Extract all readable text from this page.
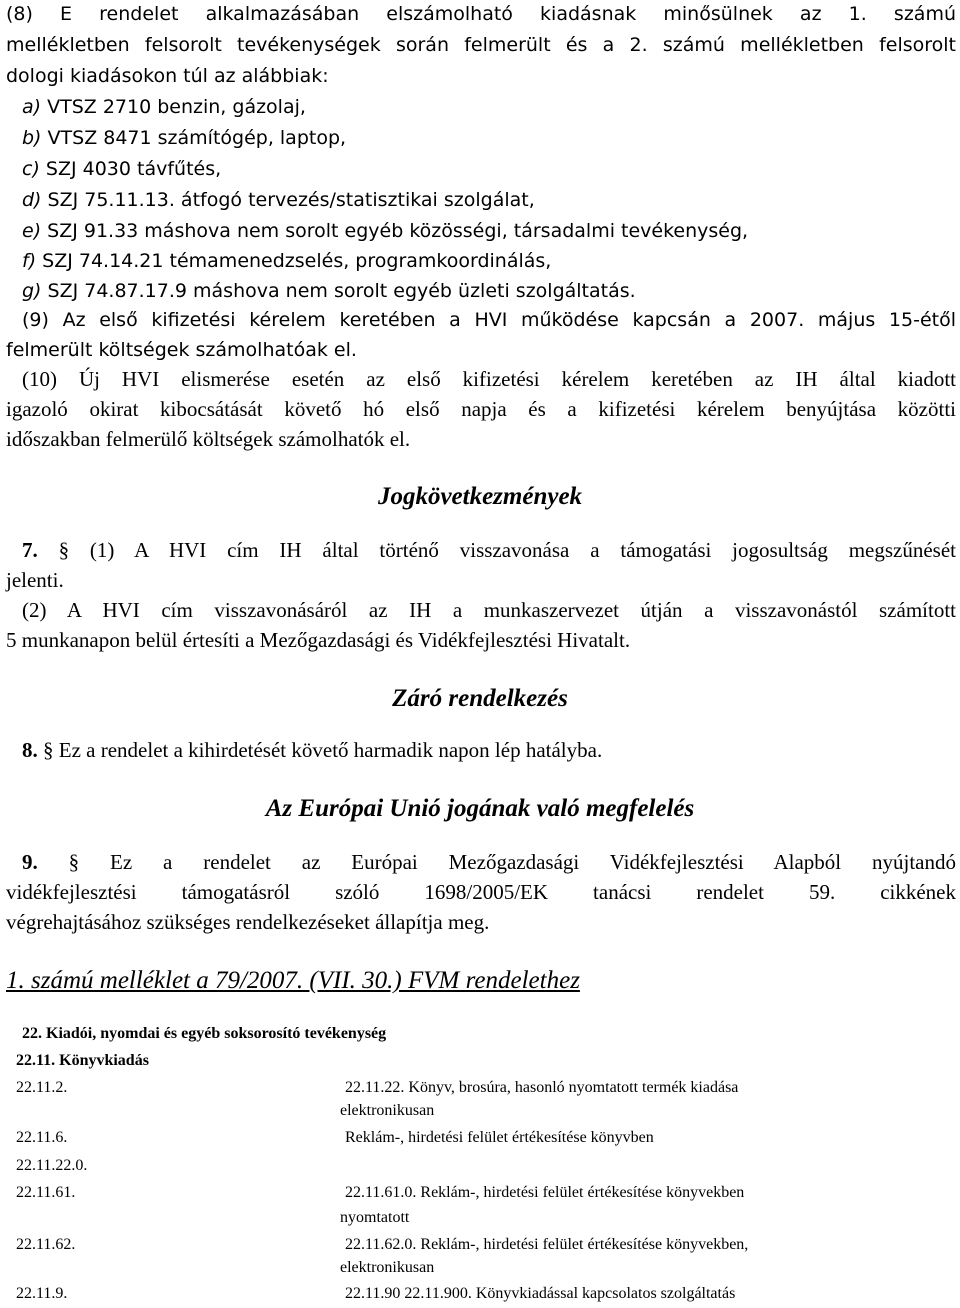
(8) E rendelet alkalmazásában elszámolható kiadásnak minősülnek az 1. számú
mellékletben felsorolt tevékenységek során felmerült és a 2. számú mellékletben felsorolt
dologi kiadásokon túl az alábbiak:
a) VTSZ 2710 benzin, gázolaj,
b) VTSZ 8471 számítógép, laptop,
c) SZJ 4030 távfűtés,
d) SZJ 75.11.13. átfogó tervezés/statisztikai szolgálat,
e) SZJ 91.33 máshova nem sorolt egyéb közösségi, társadalmi tevékenység,
f) SZJ 74.14.21 témamenedzselés, programkoordinálás,
g) SZJ 74.87.17.9 máshova nem sorolt egyéb üzleti szolgáltatás.
(9) Az első kifizetési kérelem keretében a HVI működése kapcsán a 2007. május 15-étől
felmerült költségek számolhatóak el.
(10) Új HVI elismerése esetén az első kifizetési kérelem keretében az IH által kiadott
igazoló okirat kibocsátását követő hó első napja és a kifizetési kérelem benyújtása közötti
időszakban felmerülő költségek számolhatók el.
Jogkövetkezmények
7. § (1) A HVI cím IH által történő visszavonása a támogatási jogosultság megszűnését
jelenti.
(2) A HVI cím visszavonásáról az IH a munkaszervezet útján a visszavonástól számított
5 munkanapon belül értesíti a Mezőgazdasági és Vidékfejlesztési Hivatalt.
Záró rendelkezés
8. § Ez a rendelet a kihirdetését követő harmadik napon lép hatályba.
Az Európai Unió jogának való megfelelés
9. § Ez a rendelet az Európai Mezőgazdasági Vidékfejlesztési Alapból nyújtandó
vidékfejlesztési támogatásról szóló 1698/2005/EK tanácsi rendelet 59. cikkének
végrehajtásához szükséges rendelkezéseket állapítja meg.
1. számú melléklet a 79/2007. (VII. 30.) FVM rendelethez
22. Kiadói, nyomdai és egyéb soksorosító tevékenység
22.11. Könyvkiadás
22.11.2.	22.11.22. Könyv, brosúra, hasonló nyomtatott termék kiadása
elektronikusan
22.11.6.	Reklám-, hirdetési felület értékesítése könyvben
22.11.22.0.
22.11.61.	22.11.61.0. Reklám-, hirdetési felület értékesítése könyvekben
nyomtatott
22.11.62.	22.11.62.0. Reklám-, hirdetési felület értékesítése könyvekben,
elektronikusan
22.11.9.	22.11.90 22.11.900. Könyvkiadással kapcsolatos szolgáltatás
